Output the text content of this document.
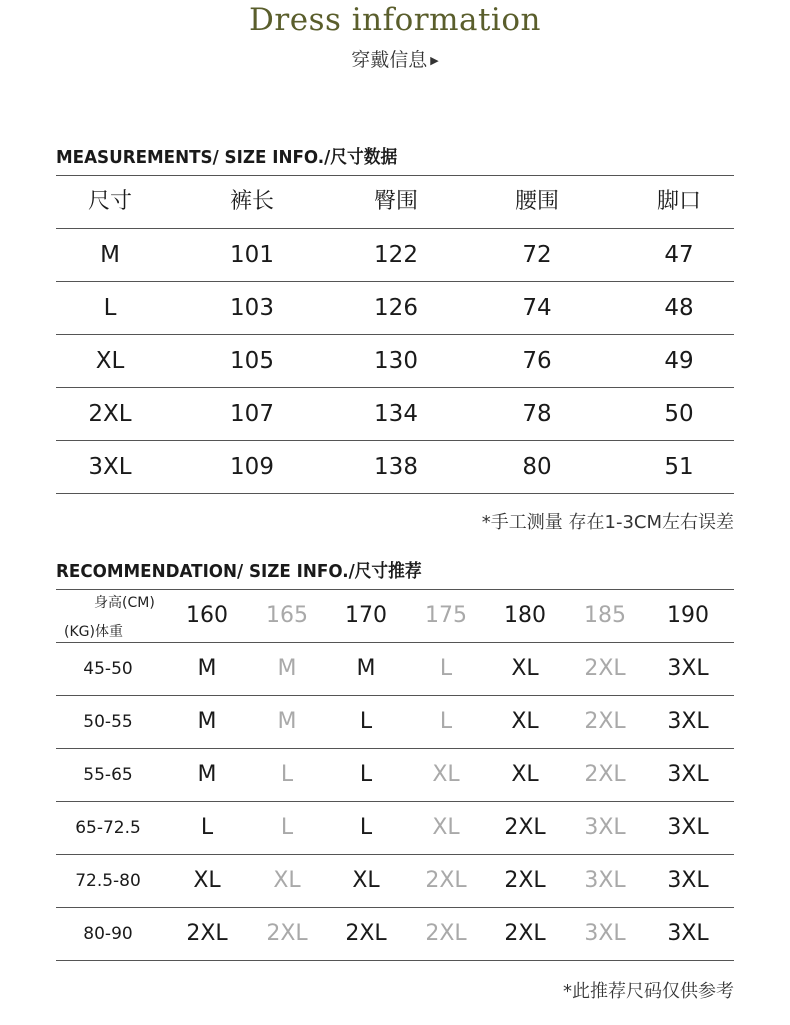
Dress information
穿戴信息 ▶
MEASUREMENTS/ SIZE INFO./尺寸数据
尺寸	裤长	臀围	腰围	脚口
M	101	122	72	47
L	103	126	74	48
XL	105	130	76	49
2XL	107	134	78	50
3XL	109	138	80	51
*手工测量 存在1-3CM左右误差
RECOMMENDATION/ SIZE INFO./尺寸推荐
身高(CM)
(KG)体重
160	165	170	175	180	185	190
45-50	M	M	M	L	XL	2XL	3XL
50-55	M	M	L	L	XL	2XL	3XL
55-65	M	L	L	XL	XL	2XL	3XL
65-72.5	L	L	L	XL	2XL	3XL	3XL
72.5-80	XL	XL	XL	2XL	2XL	3XL	3XL
80-90	2XL	2XL	2XL	2XL	2XL	3XL	3XL
*此推荐尺码仅供参考
